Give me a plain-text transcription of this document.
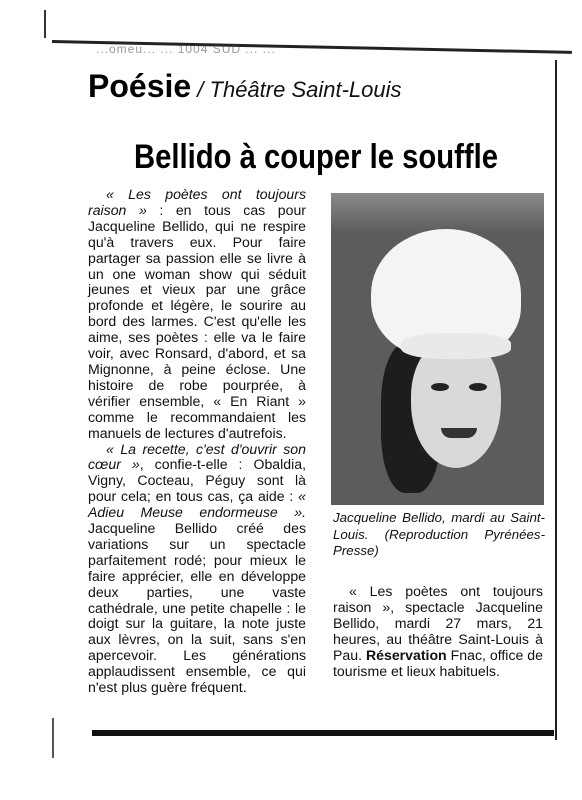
...omeu... ... 1004 SUD ... ...
Poésie / Théâtre Saint-Louis
Bellido à couper le souffle

« Les poètes ont toujours raison » : en tous cas pour Jacqueline Bellido, qui ne respire qu'à travers eux. Pour faire partager sa passion elle se livre à un one woman show qui séduit jeunes et vieux par une grâce profonde et légère, le sourire au bord des larmes. C'est qu'elle les aime, ses poètes : elle va le faire voir, avec Ronsard, d'abord, et sa Mignonne, à peine éclose. Une histoire de robe pourprée, à vérifier ensemble, « En Riant » comme le recommandaient les manuels de lectures d'autrefois.

« La recette, c'est d'ouvrir son cœur », confie-t-elle : Obaldia, Vigny, Cocteau, Péguy sont là pour cela; en tous cas, ça aide : « Adieu Meuse endormeuse ». Jacqueline Bellido créé des variations sur un spectacle parfaitement rodé; pour mieux le faire apprécier, elle en développe deux parties, une vaste cathédrale, une petite chapelle : le doigt sur la guitare, la note juste aux lèvres, on la suit, sans s'en apercevoir. Les générations applaudissent ensemble, ce qui n'est plus guère fréquent.

Jacqueline Bellido, mardi au Saint-Louis. (Reproduction Pyrénées-Presse)

« Les poètes ont toujours raison », spectacle Jacqueline Bellido, mardi 27 mars, 21 heures, au théâtre Saint-Louis à Pau. Réservation Fnac, office de tourisme et lieux habituels.
